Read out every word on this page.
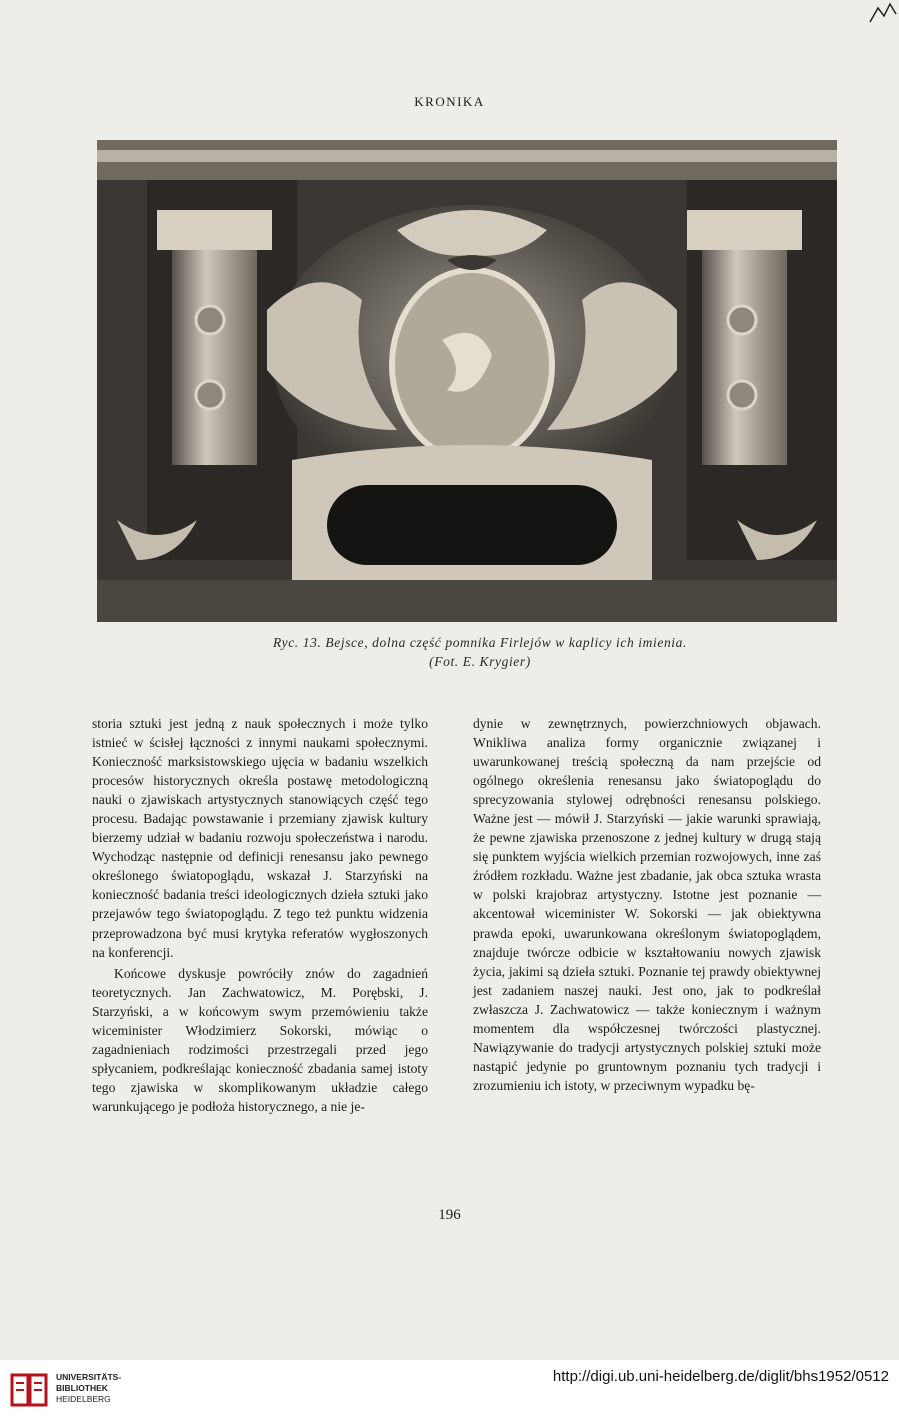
KRONIKA
Ryc. 13. Bejsce, dolna część pomnika Firlejów w kaplicy ich imienia.
(Fot. E. Krygier)

storia sztuki jest jedną z nauk społecznych i może tylko istnieć w ścisłej łączności z innymi naukami społecznymi. Konieczność marksistowskiego ujęcia w badaniu wszelkich procesów historycznych określa postawę metodologiczną nauki o zjawiskach artystycznych stanowiących część tego procesu. Badając powstawanie i przemiany zjawisk kultury bierzemy udział w badaniu rozwoju społeczeństwa i narodu. Wychodząc następnie od definicji renesansu jako pewnego określonego światopoglądu, wskazał J. Starzyński na konieczność badania treści ideologicznych dzieła sztuki jako przejawów tego światopoglądu. Z tego też punktu widzenia przeprowadzona być musi krytyka referatów wygłoszonych na konferencji.

Końcowe dyskusje powróciły znów do zagadnień teoretycznych. Jan Zachwatowicz, M. Porębski, J. Starzyński, a w końcowym swym przemówieniu także wiceminister Włodzimierz Sokorski, mówiąc o zagadnieniach rodzimości przestrzegali przed jego spłycaniem, podkreślając konieczność zbadania samej istoty tego zjawiska w skomplikowanym układzie całego warunkującego je podłoża historycznego, a nie je-

dynie w zewnętrznych, powierzchniowych objawach. Wnikliwa analiza formy organicznie związanej i uwarunkowanej treścią społeczną da nam przejście od ogólnego określenia renesansu jako światopoglądu do sprecyzowania stylowej odrębności renesansu polskiego. Ważne jest — mówił J. Starzyński — jakie warunki sprawiają, że pewne zjawiska przenoszone z jednej kultury w drugą stają się punktem wyjścia wielkich przemian rozwojowych, inne zaś źródłem rozkładu. Ważne jest zbadanie, jak obca sztuka wrasta w polski krajobraz artystyczny. Istotne jest poznanie — akcentował wiceminister W. Sokorski — jak obiektywna prawda epoki, uwarunkowana określonym światopoglądem, znajduje twórcze odbicie w kształtowaniu nowych zjawisk życia, jakimi są dzieła sztuki. Poznanie tej prawdy obiektywnej jest zadaniem naszej nauki. Jest ono, jak to podkreślał zwłaszcza J. Zachwatowicz — także koniecznym i ważnym momentem dla współczesnej twórczości plastycznej. Nawiązywanie do tradycji artystycznych polskiej sztuki może nastąpić jedynie po gruntownym poznaniu tych tradycji i zrozumieniu ich istoty, w przeciwnym wypadku bę-

196
UNIVERSITÄTS-
BIBLIOTHEK
HEIDELBERG
http://digi.ub.uni-heidelberg.de/diglit/bhs1952/0512
